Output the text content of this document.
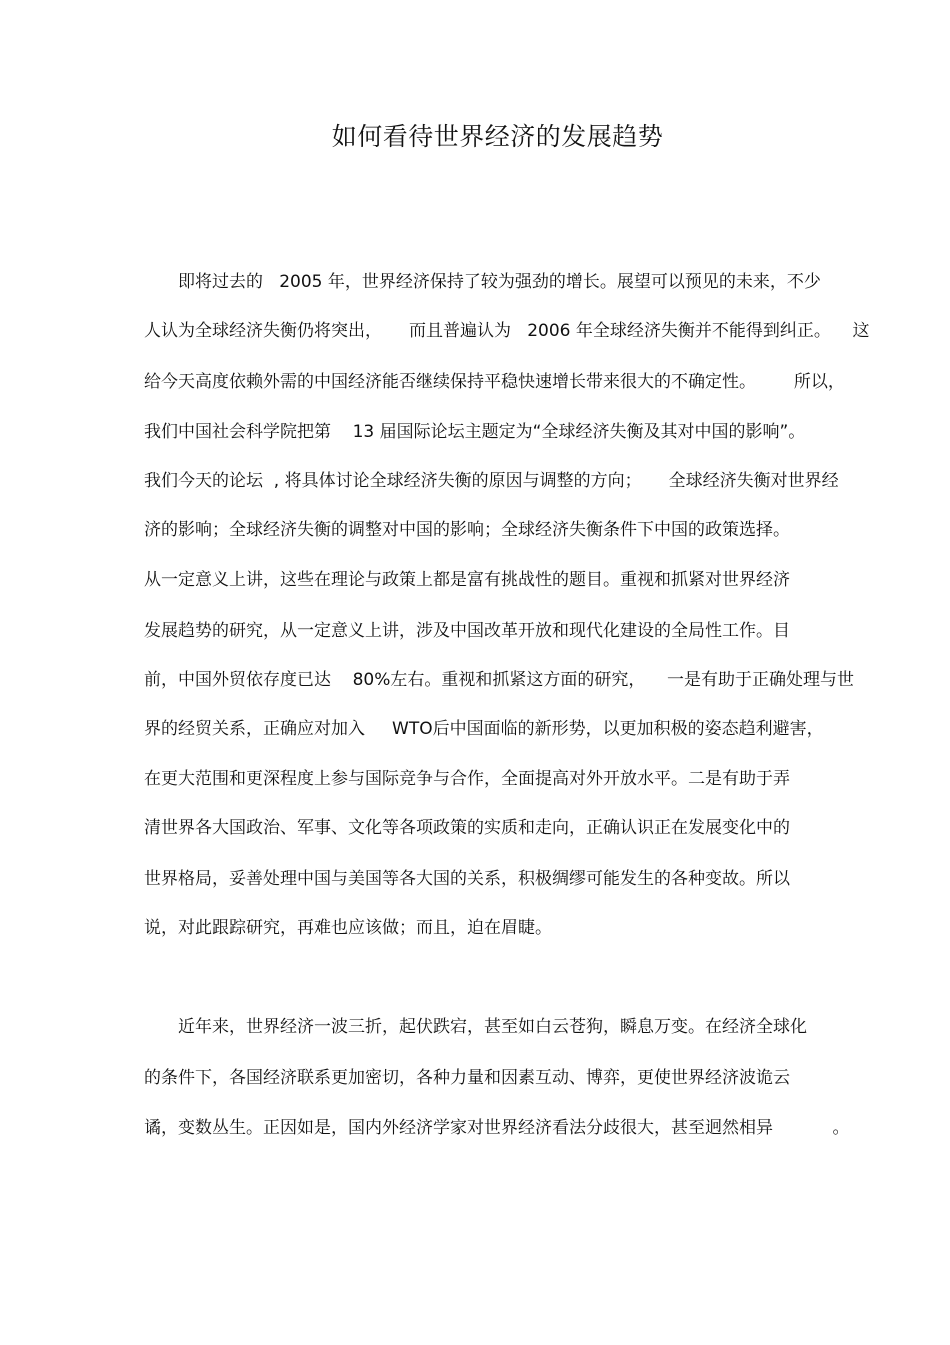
如何看待世界经济的发展趋势

即将过去的   2005 年，世界经济保持了较为强劲的增长。展望可以预见的未来，不少

人认为全球经济失衡仍将突出，     而且普遍认为   2006 年全球经济失衡并不能得到纠正。    这

给今天高度依赖外需的中国经济能否继续保持平稳快速增长带来很大的不确定性。       所以，

我们中国社会科学院把第    13 届国际论坛主题定为“全球经济失衡及其对中国的影响”。

我们今天的论坛  , 将具体讨论全球经济失衡的原因与调整的方向；     全球经济失衡对世界经

济的影响；全球经济失衡的调整对中国的影响；全球经济失衡条件下中国的政策选择。

从一定意义上讲，这些在理论与政策上都是富有挑战性的题目。重视和抓紧对世界经济

发展趋势的研究，从一定意义上讲，涉及中国改革开放和现代化建设的全局性工作。目

前，中国外贸依存度已达    80%左右。重视和抓紧这方面的研究，    一是有助于正确处理与世

界的经贸关系，正确应对加入     WTO后中国面临的新形势，以更加积极的姿态趋利避害，

在更大范围和更深程度上参与国际竞争与合作，全面提高对外开放水平。二是有助于弄

清世界各大国政治、军事、文化等各项政策的实质和走向，正确认识正在发展变化中的

世界格局，妥善处理中国与美国等各大国的关系，积极绸缪可能发生的各种变故。所以

说，对此跟踪研究，再难也应该做；而且，迫在眉睫。

近年来，世界经济一波三折，起伏跌宕，甚至如白云苍狗，瞬息万变。在经济全球化

的条件下，各国经济联系更加密切，各种力量和因素互动、博弈，更使世界经济波诡云

谲，变数丛生。正因如是，国内外经济学家对世界经济看法分歧很大，甚至迥然相异           。
